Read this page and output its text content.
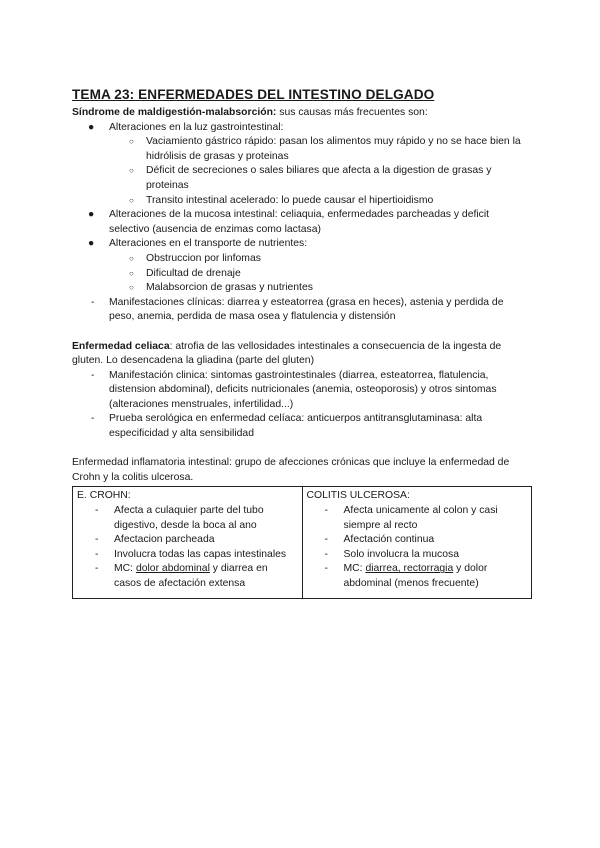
TEMA 23: ENFERMEDADES DEL INTESTINO DELGADO
Síndrome de maldigestión-malabsorción: sus causas más frecuentes son:
● Alteraciones en la luz gastrointestinal:
○ Vaciamiento gástrico rápido: pasan los alimentos muy rápido y no se hace bien la hidrólisis de grasas y proteinas
○ Déficit de secreciones o sales biliares que afecta a la digestion de grasas y proteinas
○ Transito intestinal acelerado: lo puede causar el hipertioidismo
● Alteraciones de la mucosa intestinal: celiaquia, enfermedades parcheadas y deficit selectivo (ausencia de enzimas como lactasa)
● Alteraciones en el transporte de nutrientes:
○ Obstruccion por linfomas
○ Dificultad de drenaje
○ Malabsorcion de grasas y nutrientes
- Manifestaciones clínicas: diarrea y esteatorrea (grasa en heces), astenia y perdida de peso, anemia, perdida de masa osea y flatulencia y distensión
Enfermedad celiaca: atrofia de las vellosidades intestinales a consecuencia de la ingesta de gluten. Lo desencadena la gliadina (parte del gluten)
- Manifestación clinica: sintomas gastrointestinales (diarrea, esteatorrea, flatulencia, distension abdominal), deficits nutricionales (anemia, osteoporosis) y otros sintomas (alteraciones menstruales, infertilidad...)
- Prueba serológica en enfermedad celíaca: anticuerpos antitransglutaminasa: alta especificidad y alta sensibilidad
Enfermedad inflamatoria intestinal: grupo de afecciones crónicas que incluye la enfermedad de Crohn y la colitis ulcerosa.
E. CROHN:
- Afecta a culaquier parte del tubo digestivo, desde la boca al ano
- Afectacion parcheada
- Involucra todas las capas intestinales
- MC: dolor abdominal y diarrea en casos de afectación extensa

COLITIS ULCEROSA:
- Afecta unicamente al colon y casi siempre al recto
- Afectación continua
- Solo involucra la mucosa
- MC: diarrea, rectorragia y dolor abdominal (menos frecuente)
